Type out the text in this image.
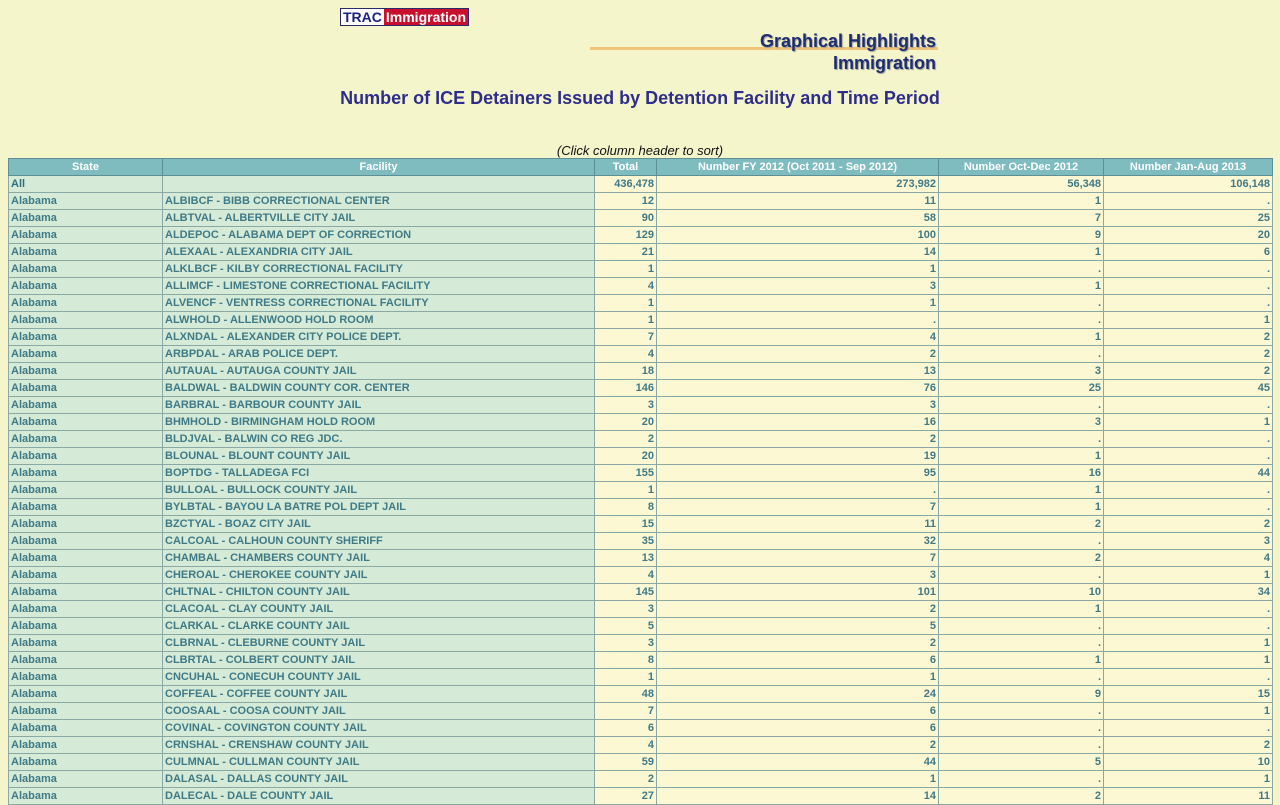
TRAC Immigration
Graphical Highlights
Immigration
Number of ICE Detainers Issued by Detention Facility and Time Period
(Click column header to sort)
State	Facility	Total	Number FY 2012 (Oct 2011 - Sep 2012)	Number Oct-Dec 2012	Number Jan-Aug 2013
All		436,478	273,982	56,348	106,148
Alabama	ALBIBCF - BIBB CORRECTIONAL CENTER	12	11	1	.
Alabama	ALBTVAL - ALBERTVILLE CITY JAIL	90	58	7	25
Alabama	ALDEPOC - ALABAMA DEPT OF CORRECTION	129	100	9	20
Alabama	ALEXAAL - ALEXANDRIA CITY JAIL	21	14	1	6
Alabama	ALKLBCF - KILBY CORRECTIONAL FACILITY	1	1	.	.
Alabama	ALLIMCF - LIMESTONE CORRECTIONAL FACILITY	4	3	1	.
Alabama	ALVENCF - VENTRESS CORRECTIONAL FACILITY	1	1	.	.
Alabama	ALWHOLD - ALLENWOOD HOLD ROOM	1	.	.	1
Alabama	ALXNDAL - ALEXANDER CITY POLICE DEPT.	7	4	1	2
Alabama	ARBPDAL - ARAB POLICE DEPT.	4	2	.	2
Alabama	AUTAUAL - AUTAUGA COUNTY JAIL	18	13	3	2
Alabama	BALDWAL - BALDWIN COUNTY COR. CENTER	146	76	25	45
Alabama	BARBRAL - BARBOUR COUNTY JAIL	3	3	.	.
Alabama	BHMHOLD - BIRMINGHAM HOLD ROOM	20	16	3	1
Alabama	BLDJVAL - BALWIN CO REG JDC.	2	2	.	.
Alabama	BLOUNAL - BLOUNT COUNTY JAIL	20	19	1	.
Alabama	BOPTDG - TALLADEGA FCI	155	95	16	44
Alabama	BULLOAL - BULLOCK COUNTY JAIL	1	.	1	.
Alabama	BYLBTAL - BAYOU LA BATRE POL DEPT JAIL	8	7	1	.
Alabama	BZCTYAL - BOAZ CITY JAIL	15	11	2	2
Alabama	CALCOAL - CALHOUN COUNTY SHERIFF	35	32	.	3
Alabama	CHAMBAL - CHAMBERS COUNTY JAIL	13	7	2	4
Alabama	CHEROAL - CHEROKEE COUNTY JAIL	4	3	.	1
Alabama	CHLTNAL - CHILTON COUNTY JAIL	145	101	10	34
Alabama	CLACOAL - CLAY COUNTY JAIL	3	2	1	.
Alabama	CLARKAL - CLARKE COUNTY JAIL	5	5	.	.
Alabama	CLBRNAL - CLEBURNE COUNTY JAIL	3	2	.	1
Alabama	CLBRTAL - COLBERT COUNTY JAIL	8	6	1	1
Alabama	CNCUHAL - CONECUH COUNTY JAIL	1	1	.	.
Alabama	COFFEAL - COFFEE COUNTY JAIL	48	24	9	15
Alabama	COOSAAL - COOSA COUNTY JAIL	7	6	.	1
Alabama	COVINAL - COVINGTON COUNTY JAIL	6	6	.	.
Alabama	CRNSHAL - CRENSHAW COUNTY JAIL	4	2	.	2
Alabama	CULMNAL - CULLMAN COUNTY JAIL	59	44	5	10
Alabama	DALASAL - DALLAS COUNTY JAIL	2	1	.	1
Alabama	DALECAL - DALE COUNTY JAIL	27	14	2	11
